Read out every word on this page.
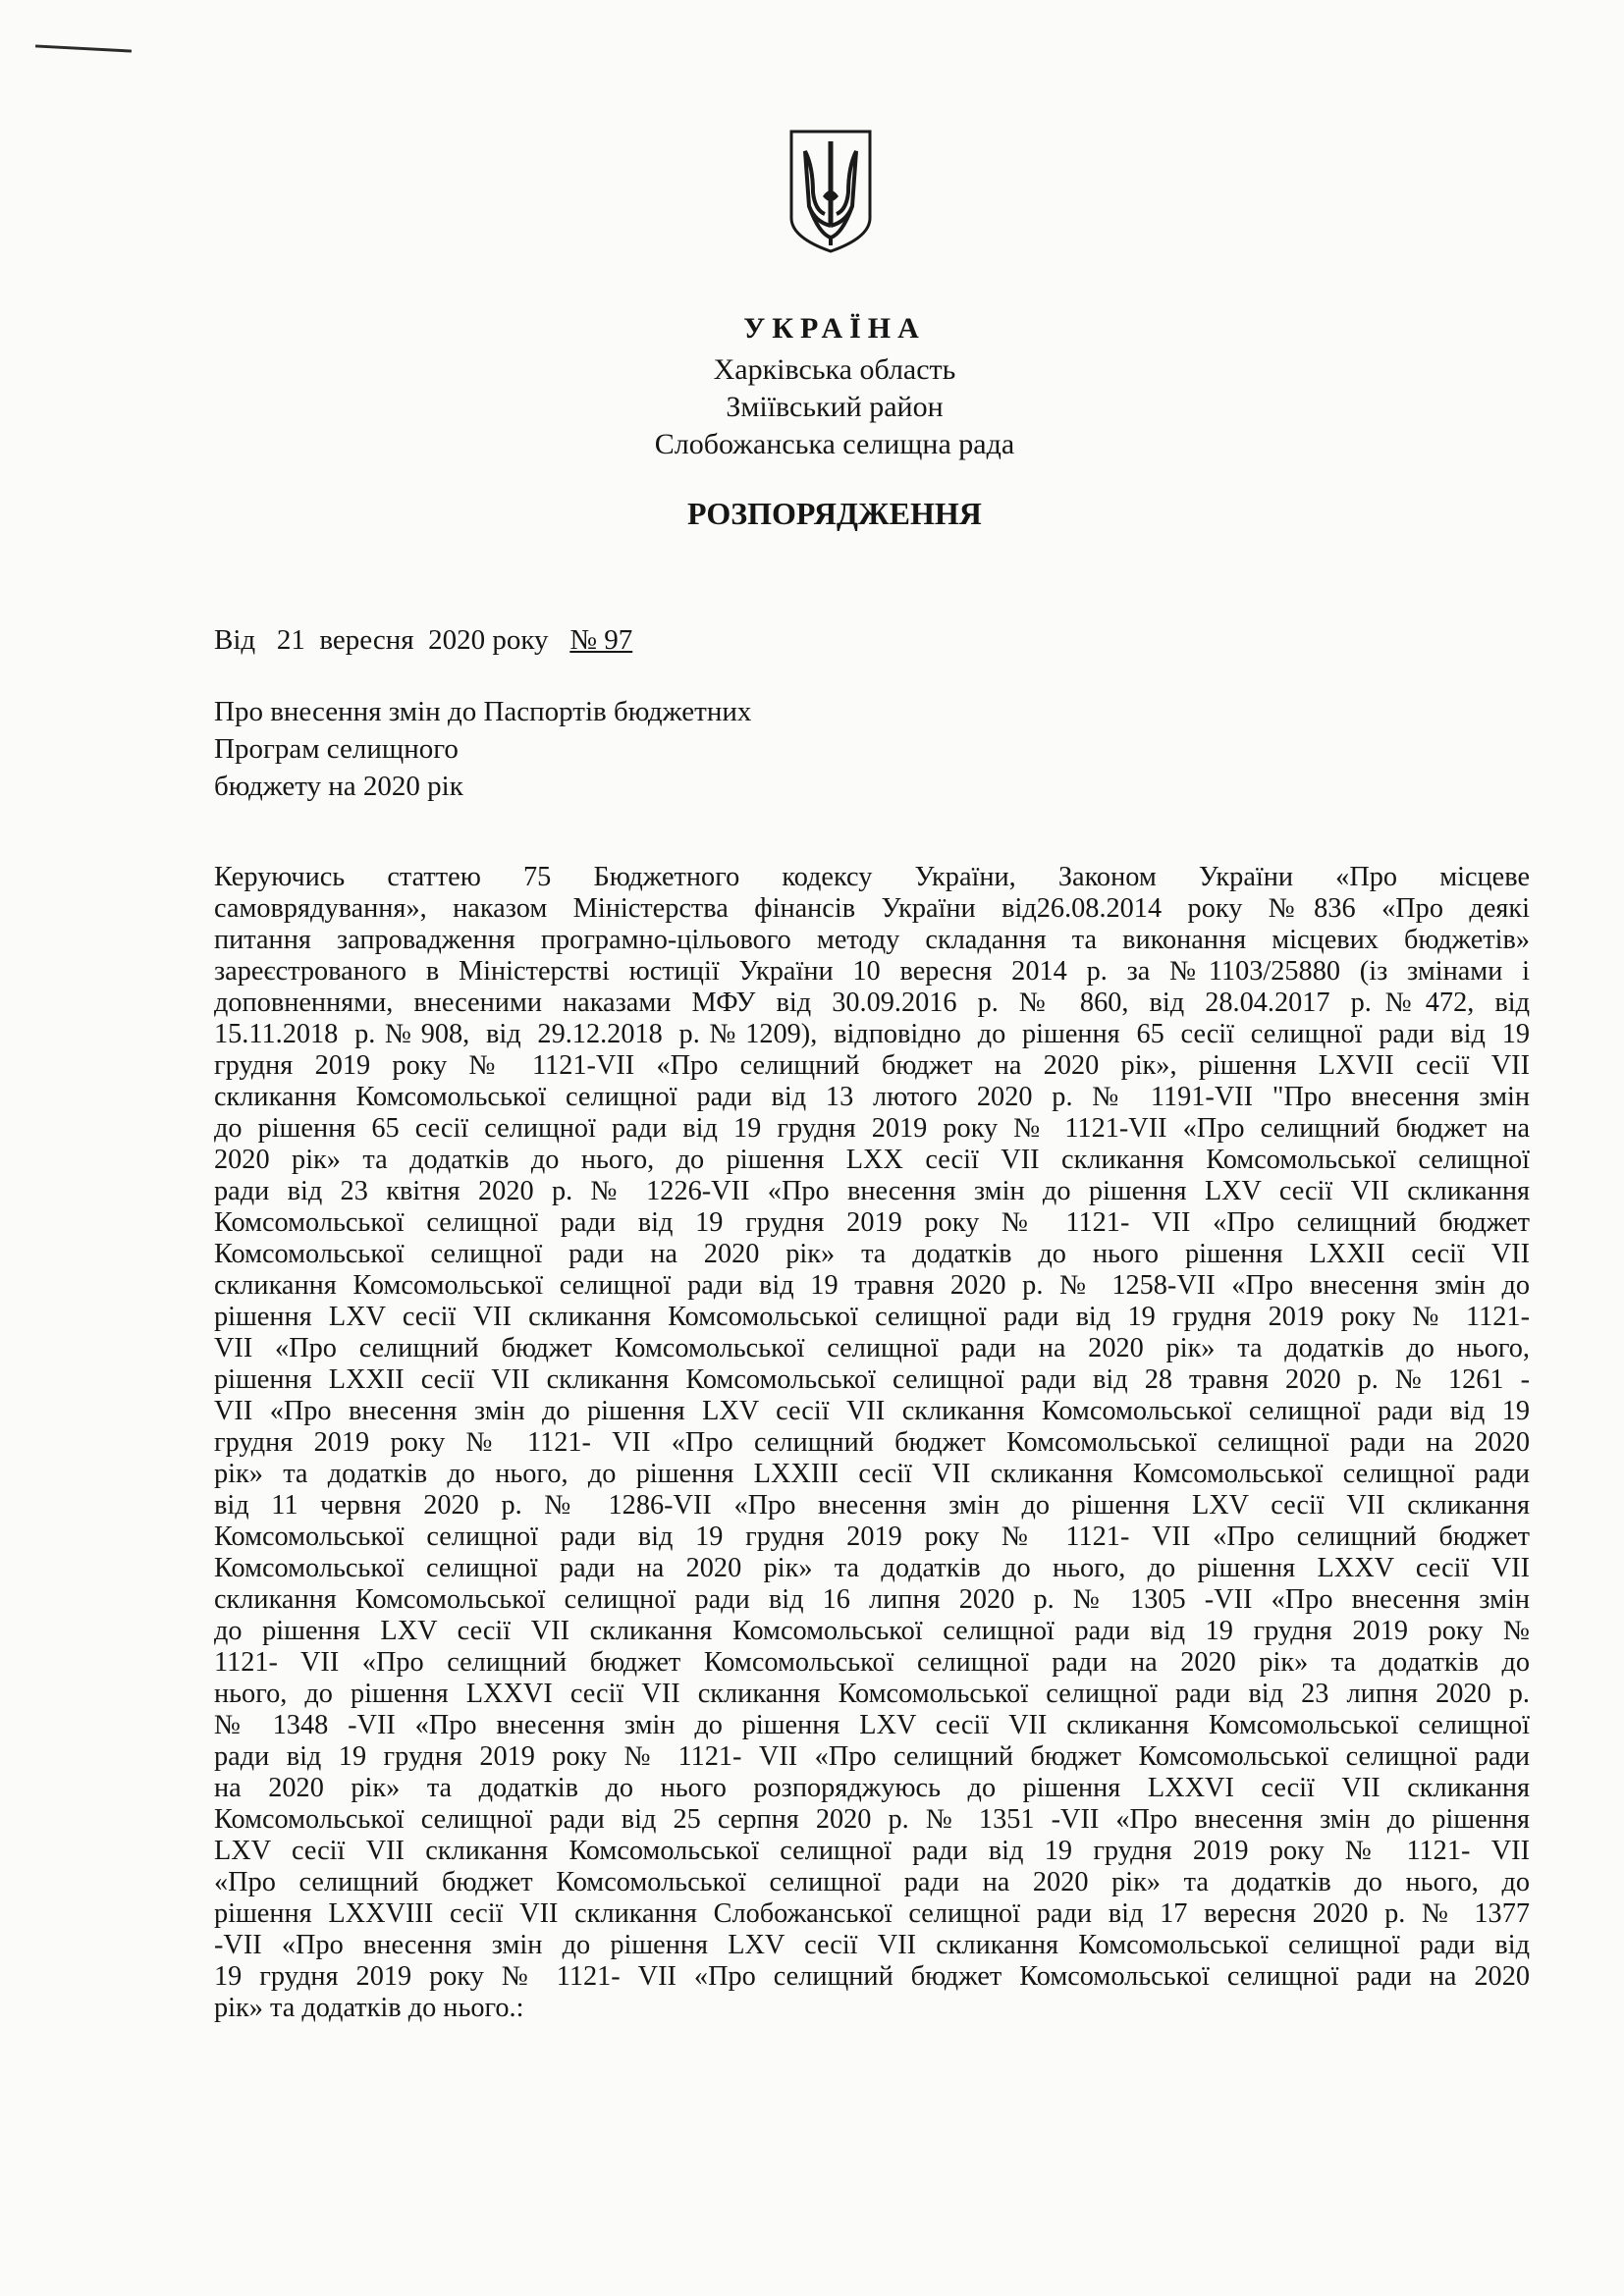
УКРАЇНА
Харківська область
Зміївський район
Слобожанська селищна рада
РОЗПОРЯДЖЕННЯ
Від   21  вересня  2020 року   № 97
Про внесення змін до Паспортів бюджетних
Програм селищного
бюджету на 2020 рік
Керуючись статтею 75 Бюджетного кодексу України, Законом України «Про місцеве
самоврядування», наказом Міністерства фінансів України від26.08.2014 року №836 «Про деякі
питання запровадження програмно-цільового методу складання та виконання місцевих бюджетів»
зареєстрованого в Міністерстві юстиції України 10 вересня 2014 р. за №1103/25880 (із змінами і
доповненнями, внесеними наказами МФУ від 30.09.2016 р. № 860, від 28.04.2017 р.№472, від
15.11.2018 р.№908, від 29.12.2018 р.№1209), відповідно до рішення 65 сесії селищної ради від 19
грудня 2019 року № 1121-VII «Про селищний бюджет на 2020 рік», рішення LXVII сесії VII
скликання Комсомольської селищної ради від 13 лютого 2020 р. № 1191-VII "Про внесення змін
до рішення 65 сесії селищної ради від 19 грудня 2019 року № 1121-VII «Про селищний бюджет на
2020 рік» та додатків до нього, до рішення LXX сесії VII скликання Комсомольської селищної
ради від 23 квітня 2020 р. № 1226-VII «Про внесення змін до рішення LXV сесії VII скликання
Комсомольської селищної ради від 19 грудня 2019 року № 1121- VII «Про селищний бюджет
Комсомольської селищної ради на 2020 рік» та додатків до нього рішення LXXII сесії VII
скликання Комсомольської селищної ради від 19 травня 2020 р. № 1258-VII «Про внесення змін до
рішення LXV сесії VII скликання Комсомольської селищної ради від 19 грудня 2019 року № 1121-
VII «Про селищний бюджет Комсомольської селищної ради на 2020 рік» та додатків до нього,
рішення LXXII сесії VII скликання Комсомольської селищної ради від 28 травня 2020 р. № 1261 -
VII «Про внесення змін до рішення LXV сесії VII скликання Комсомольської селищної ради від 19
грудня 2019 року № 1121- VII «Про селищний бюджет Комсомольської селищної ради на 2020
рік» та додатків до нього, до рішення LXXIII сесії VII скликання Комсомольської селищної ради
від 11 червня 2020 р. № 1286-VII «Про внесення змін до рішення LXV сесії VII скликання
Комсомольської селищної ради від 19 грудня 2019 року № 1121- VII «Про селищний бюджет
Комсомольської селищної ради на 2020 рік» та додатків до нього, до рішення LXXV сесії VII
скликання Комсомольської селищної ради від 16 липня 2020 р. № 1305 -VII «Про внесення змін
до рішення LXV сесії VII скликання Комсомольської селищної ради від 19 грудня 2019 року №
1121- VII «Про селищний бюджет Комсомольської селищної ради на 2020 рік» та додатків до
нього, до рішення LXXVI сесії VII скликання Комсомольської селищної ради від 23 липня 2020 р.
№ 1348 -VII «Про внесення змін до рішення LXV сесії VII скликання Комсомольської селищної
ради від 19 грудня 2019 року № 1121- VII «Про селищний бюджет Комсомольської селищної ради
на 2020 рік» та додатків до нього розпоряджуюсь до рішення LXXVI сесії VII скликання
Комсомольської селищної ради від 25 серпня 2020 р. № 1351 -VII «Про внесення змін до рішення
LXV сесії VII скликання Комсомольської селищної ради від 19 грудня 2019 року № 1121- VII
«Про селищний бюджет Комсомольської селищної ради на 2020 рік» та додатків до нього, до
рішення LXXVIII сесії VII скликання Слобожанської селищної ради від 17 вересня 2020 р. № 1377
-VII «Про внесення змін до рішення LXV сесії VII скликання Комсомольської селищної ради від
19 грудня 2019 року № 1121- VII «Про селищний бюджет Комсомольської селищної ради на 2020
рік» та додатків до нього.:
